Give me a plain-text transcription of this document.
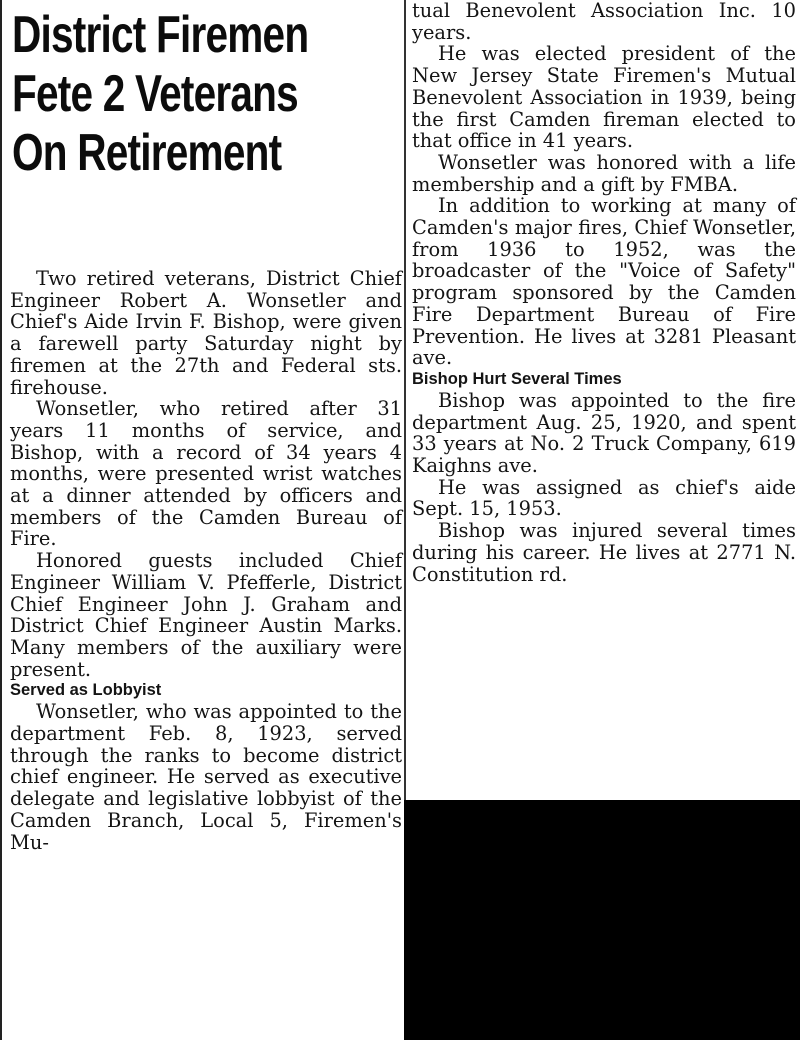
District Firemen
Fete 2 Veterans
On Retirement

Two retired veterans, District Chief Engineer Robert A. Wonsetler and Chief's Aide Irvin F. Bishop, were given a farewell party Saturday night by firemen at the 27th and Federal sts. firehouse.

Wonsetler, who retired after 31 years 11 months of service, and Bishop, with a record of 34 years 4 months, were presented wrist watches at a dinner attended by officers and members of the Camden Bureau of Fire.

Honored guests included Chief Engineer William V. Pfefferle, District Chief Engineer John J. Graham and District Chief Engineer Austin Marks. Many members of the auxiliary were present.

Served as Lobbyist

Wonsetler, who was appointed to the department Feb. 8, 1923, served through the ranks to become district chief engineer. He served as executive delegate and legislative lobbyist of the Camden Branch, Local 5, Firemen's Mu-

tual Benevolent Association Inc. 10 years.

He was elected president of the New Jersey State Firemen's Mutual Benevolent Association in 1939, being the first Camden fireman elected to that office in 41 years.

Wonsetler was honored with a life membership and a gift by FMBA.

In addition to working at many of Camden's major fires, Chief Wonsetler, from 1936 to 1952, was the broadcaster of the "Voice of Safety" program sponsored by the Camden Fire Department Bureau of Fire Prevention. He lives at 3281 Pleasant ave.

Bishop Hurt Several Times

Bishop was appointed to the fire department Aug. 25, 1920, and spent 33 years at No. 2 Truck Company, 619 Kaighns ave.

He was assigned as chief's aide Sept. 15, 1953.

Bishop was injured several times during his career. He lives at 2771 N. Constitution rd.
